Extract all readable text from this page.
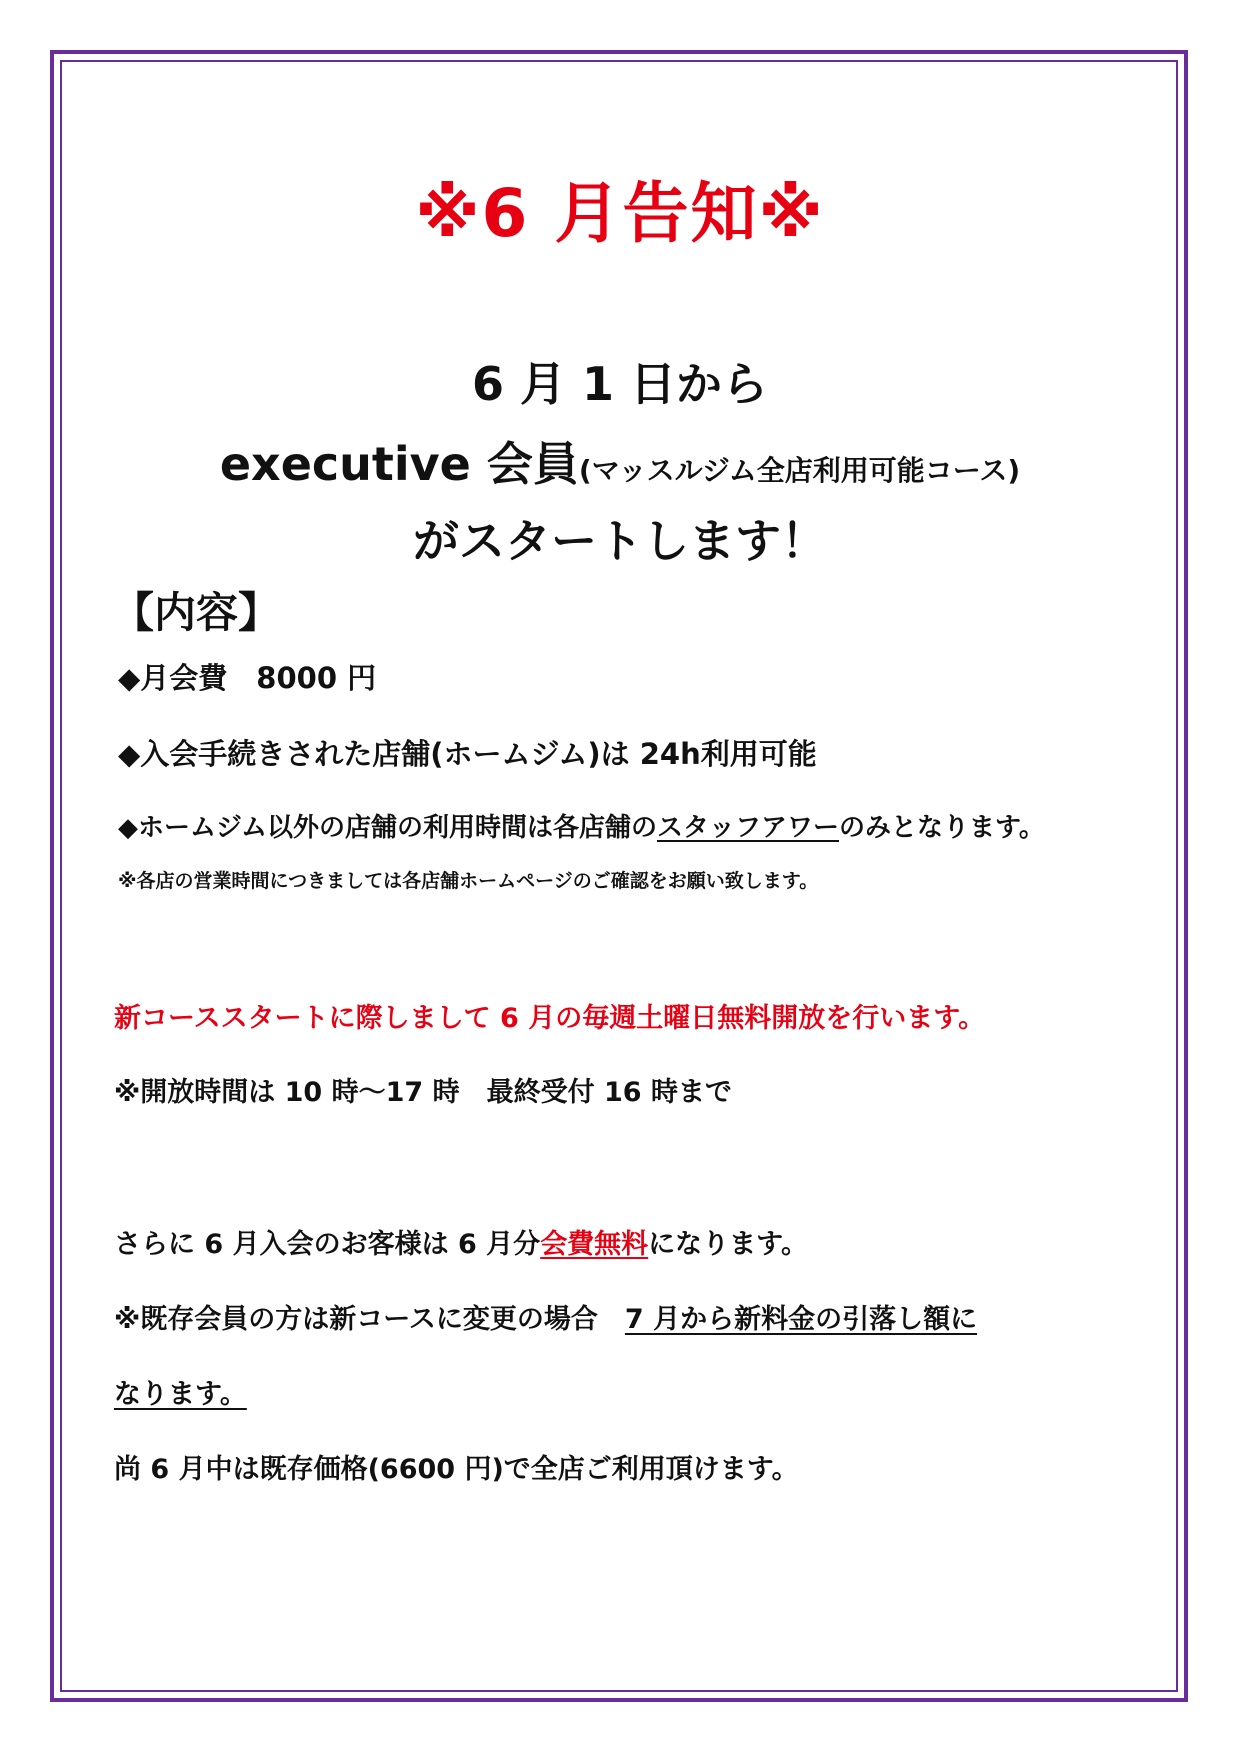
※6 月告知※
6 月 1 日から
executive 会員(マッスルジム全店利用可能コース)
がスタートします！
【内容】
◆月会費　8000 円
◆入会手続きされた店舗(ホームジム)は 24h利用可能
◆ホームジム以外の店舗の利用時間は各店舗のスタッフアワーのみとなります。
※各店の営業時間につきましては各店舗ホームページのご確認をお願い致します。
新コーススタートに際しまして 6 月の毎週土曜日無料開放を行います。
※開放時間は 10 時～17 時　最終受付 16 時まで
さらに 6 月入会のお客様は 6 月分会費無料になります。
※既存会員の方は新コースに変更の場合　7 月から新料金の引落し額に
なります。
尚 6 月中は既存価格(6600 円)で全店ご利用頂けます。
